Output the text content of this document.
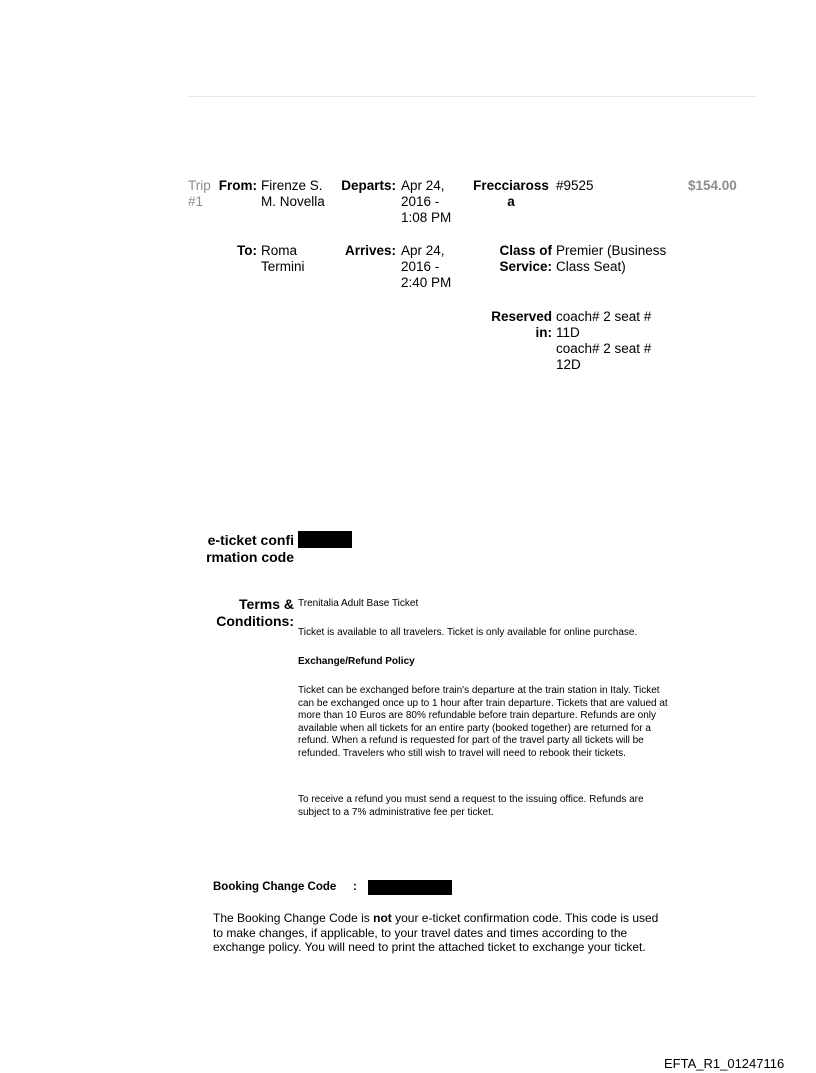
Trip #1
From: Firenze S. M. Novella
Departs: Apr 24, 2016 - 1:08 PM
Frecciarossa
#9525	$154.00
To: Roma Termini
Arrives: Apr 24, 2016 - 2:40 PM
Class of Service:
Premier (Business Class Seat)
Reserved in:
coach# 2 seat # 11D
coach# 2 seat # 12D
e-ticket confirmation code
Terms & Conditions:
Trenitalia Adult Base Ticket
Ticket is available to all travelers. Ticket is only available for online purchase.
Exchange/Refund Policy
Ticket can be exchanged before train's departure at the train station in Italy. Ticket can be exchanged once up to 1 hour after train departure. Tickets that are valued at more than 10 Euros are 80% refundable before train departure. Refunds are only available when all tickets for an entire party (booked together) are returned for a refund. When a refund is requested for part of the travel party all tickets will be refunded. Travelers who still wish to travel will need to rebook their tickets.
To receive a refund you must send a request to the issuing office. Refunds are subject to a 7% administrative fee per ticket.
Booking Change Code	:
The Booking Change Code is not your e-ticket confirmation code. This code is used to make changes, if applicable, to your travel dates and times according to the exchange policy. You will need to print the attached ticket to exchange your ticket.
EFTA_R1_01247116
